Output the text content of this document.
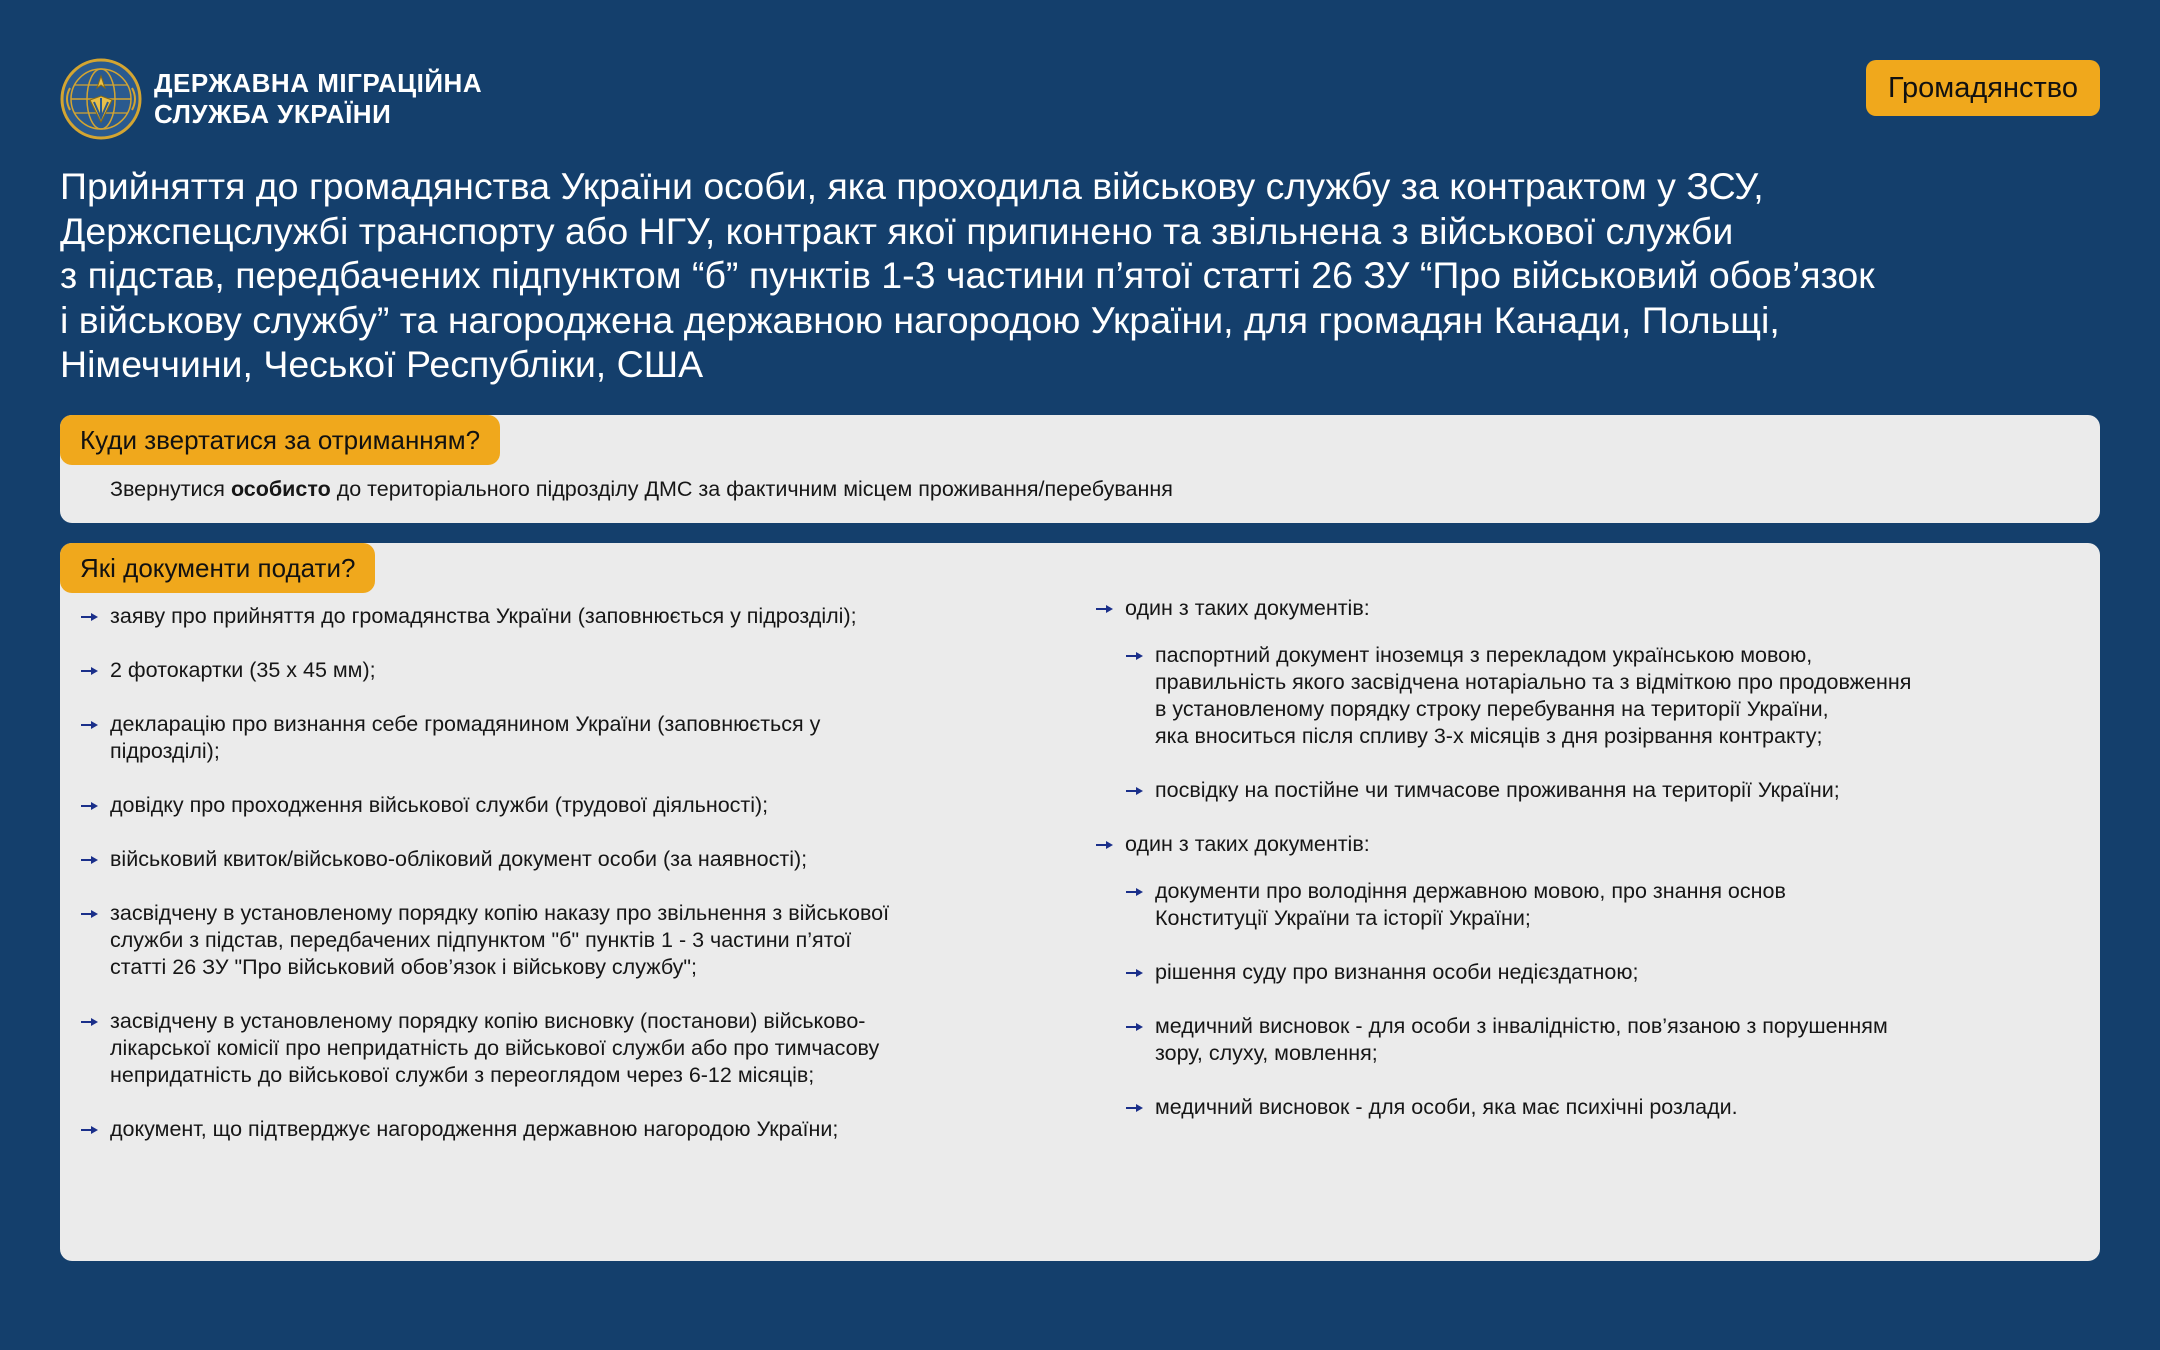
ДЕРЖАВНА МІГРАЦІЙНА
СЛУЖБА УКРАЇНИ
Громадянство
Прийняття до громадянства України особи, яка проходила військову службу за контрактом у ЗСУ,
Держспецслужбі транспорту або НГУ, контракт якої припинено та звільнена з військової служби
з підстав, передбачених підпунктом “б” пунктів 1-3 частини п’ятої статті 26 ЗУ “Про військовий обов’язок
і військову службу” та нагороджена державною нагородою України, для громадян Канади, Польщі,
Німеччини, Чеської Республіки, США
Куди звертатися за отриманням?
Звернутися особисто до територіального підрозділу ДМС за фактичним місцем проживання/перебування
Які документи подати?
заяву про прийняття до громадянства України (заповнюється у підрозділі);
2 фотокартки (35 х 45 мм);
декларацію про визнання себе громадянином України (заповнюється у
підрозділі);
довідку про проходження військової служби (трудової діяльності);
військовий квиток/військово-обліковий документ особи (за наявності);
засвідчену в установленому порядку копію наказу про звільнення з військової
служби з підстав, передбачених підпунктом "б" пунктів 1 - 3 частини п’ятої
статті 26 ЗУ "Про військовий обов’язок і військову службу";
засвідчену в установленому порядку копію висновку (постанови) військово-
лікарської комісії про непридатність до військової служби або про тимчасову
непридатність до військової служби з переоглядом через 6-12 місяців;
документ, що підтверджує нагородження державною нагородою України;
один з таких документів:
паспортний документ іноземця з перекладом українською мовою,
правильність якого засвідчена нотаріально та з відміткою про продовження
в установленому порядку строку перебування на території України,
яка вноситься після спливу 3-х місяців з дня розірвання контракту;
посвідку на постійне чи тимчасове проживання на території України;
один з таких документів:
документи про володіння державною мовою, про знання основ
Конституції України та історії України;
рішення суду про визнання особи недієздатною;
медичний висновок - для особи з інвалідністю, пов’язаною з порушенням
зору, слуху, мовлення;
медичний висновок - для особи, яка має психічні розлади.
